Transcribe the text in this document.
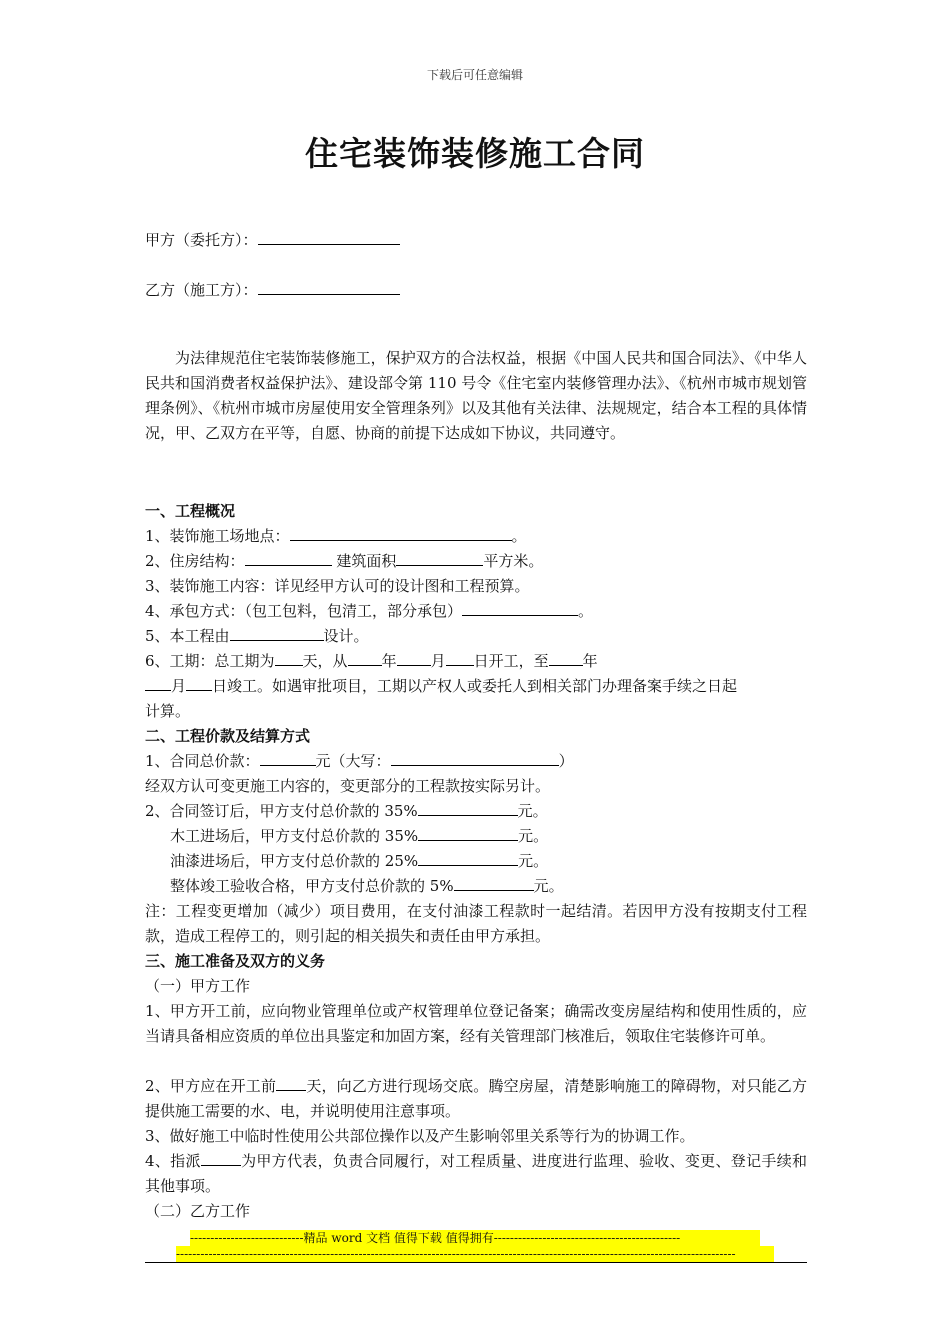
下载后可任意编辑
住宅装饰装修施工合同
甲方（委托方）：
乙方（施工方）：
为法律规范住宅装饰装修施工，保护双方的合法权益，根据《中国人民共和国合同法》、《中华人民共和国消费者权益保护法》、建设部令第 110 号令《住宅室内装修管理办法》、《杭州市城市规划管理条例》、《杭州市城市房屋使用安全管理条列》以及其他有关法律、法规规定，结合本工程的具体情况，甲、乙双方在平等，自愿、协商的前提下达成如下协议，共同遵守。
一、工程概况
1、装饰施工场地点：	。
2、住房结构：	建筑面积	平方米。
3、装饰施工内容：详见经甲方认可的设计图和工程预算。
4、承包方式：（包工包料，包清工，部分承包）	。
5、本工程由	设计。
6、工期：总工期为 天，从 年 月 日开工，至 年
月 日竣工。如遇审批项目，工期以产权人或委托人到相关部门办理备案手续之日起
计算。
二、工程价款及结算方式
1、合同总价款：	元（大写：	）
经双方认可变更施工内容的，变更部分的工程款按实际另计。
2、合同签订后，甲方支付总价款的 35%	元。
木工进场后，甲方支付总价款的 35%	元。
油漆进场后，甲方支付总价款的 25%	元。
整体竣工验收合格，甲方支付总价款的 5%	元。
注：工程变更增加（减少）项目费用，在支付油漆工程款时一起结清。若因甲方没有按期支付工程款，造成工程停工的，则引起的相关损失和责任由甲方承担。
三、施工准备及双方的义务
（一）甲方工作
1、甲方开工前，应向物业管理单位或产权管理单位登记备案；确需改变房屋结构和使用性质的，应当请具备相应资质的单位出具鉴定和加固方案，经有关管理部门核准后，领取住宅装修许可单。
2、甲方应在开工前 天，向乙方进行现场交底。腾空房屋，清楚影响施工的障碍物，对只能乙方提供施工需要的水、电，并说明使用注意事项。
3、做好施工中临时性使用公共部位操作以及产生影响邻里关系等行为的协调工作。
4、指派	为甲方代表，负责合同履行，对工程质量、进度进行监理、验收、变更、登记手续和其他事项。
（二）乙方工作
----------------------------精品 word 文档 值得下载 值得拥有----------------------------------------------
------------------------------------------------------------------------------------------------------------------------------------------
